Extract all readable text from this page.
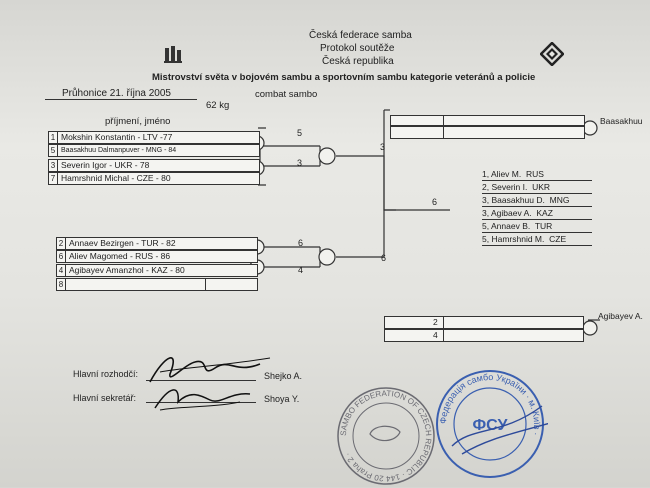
Česká federace samba
Protokol soutěže
Česká republika
Mistrovství světa v bojovém sambu a sportovním sambu kategorie veteránů a policie
Průhonice 21. října 2005	combat sambo
62 kg
příjmení, jméno
1 Mokshin Konstantin - LTV -77
5 Baasakhuu Dalmanpuver - MNG - 84
3 Severin Igor - UKR - 78
7 Hamrshnid Michal - CZE - 80
2 Annaev Bezirgen - TUR - 82
6 Aliev Magomed - RUS - 86
4 Agibayev Amanzhol - KAZ - 80
8
5
3
3
6
4
6
6
Baasakhuu
2
4
Agibayev A.
1, Aliev M. RUS
2, Severin I. UKR
3, Baasakhuu D. MNG
3, Agibaev A. KAZ
5, Annaev B. TUR
5, Hamrshnid M. CZE
Hlavní rozhodčí:	Shejko A.
Hlavní sekretář:	Shoya Y.
SAMBO FEDERATION OF CZECH REPUBLIC · 144 20 Praha 2 ·
Федерація самбо України · м. Київ ·
ФСУ
